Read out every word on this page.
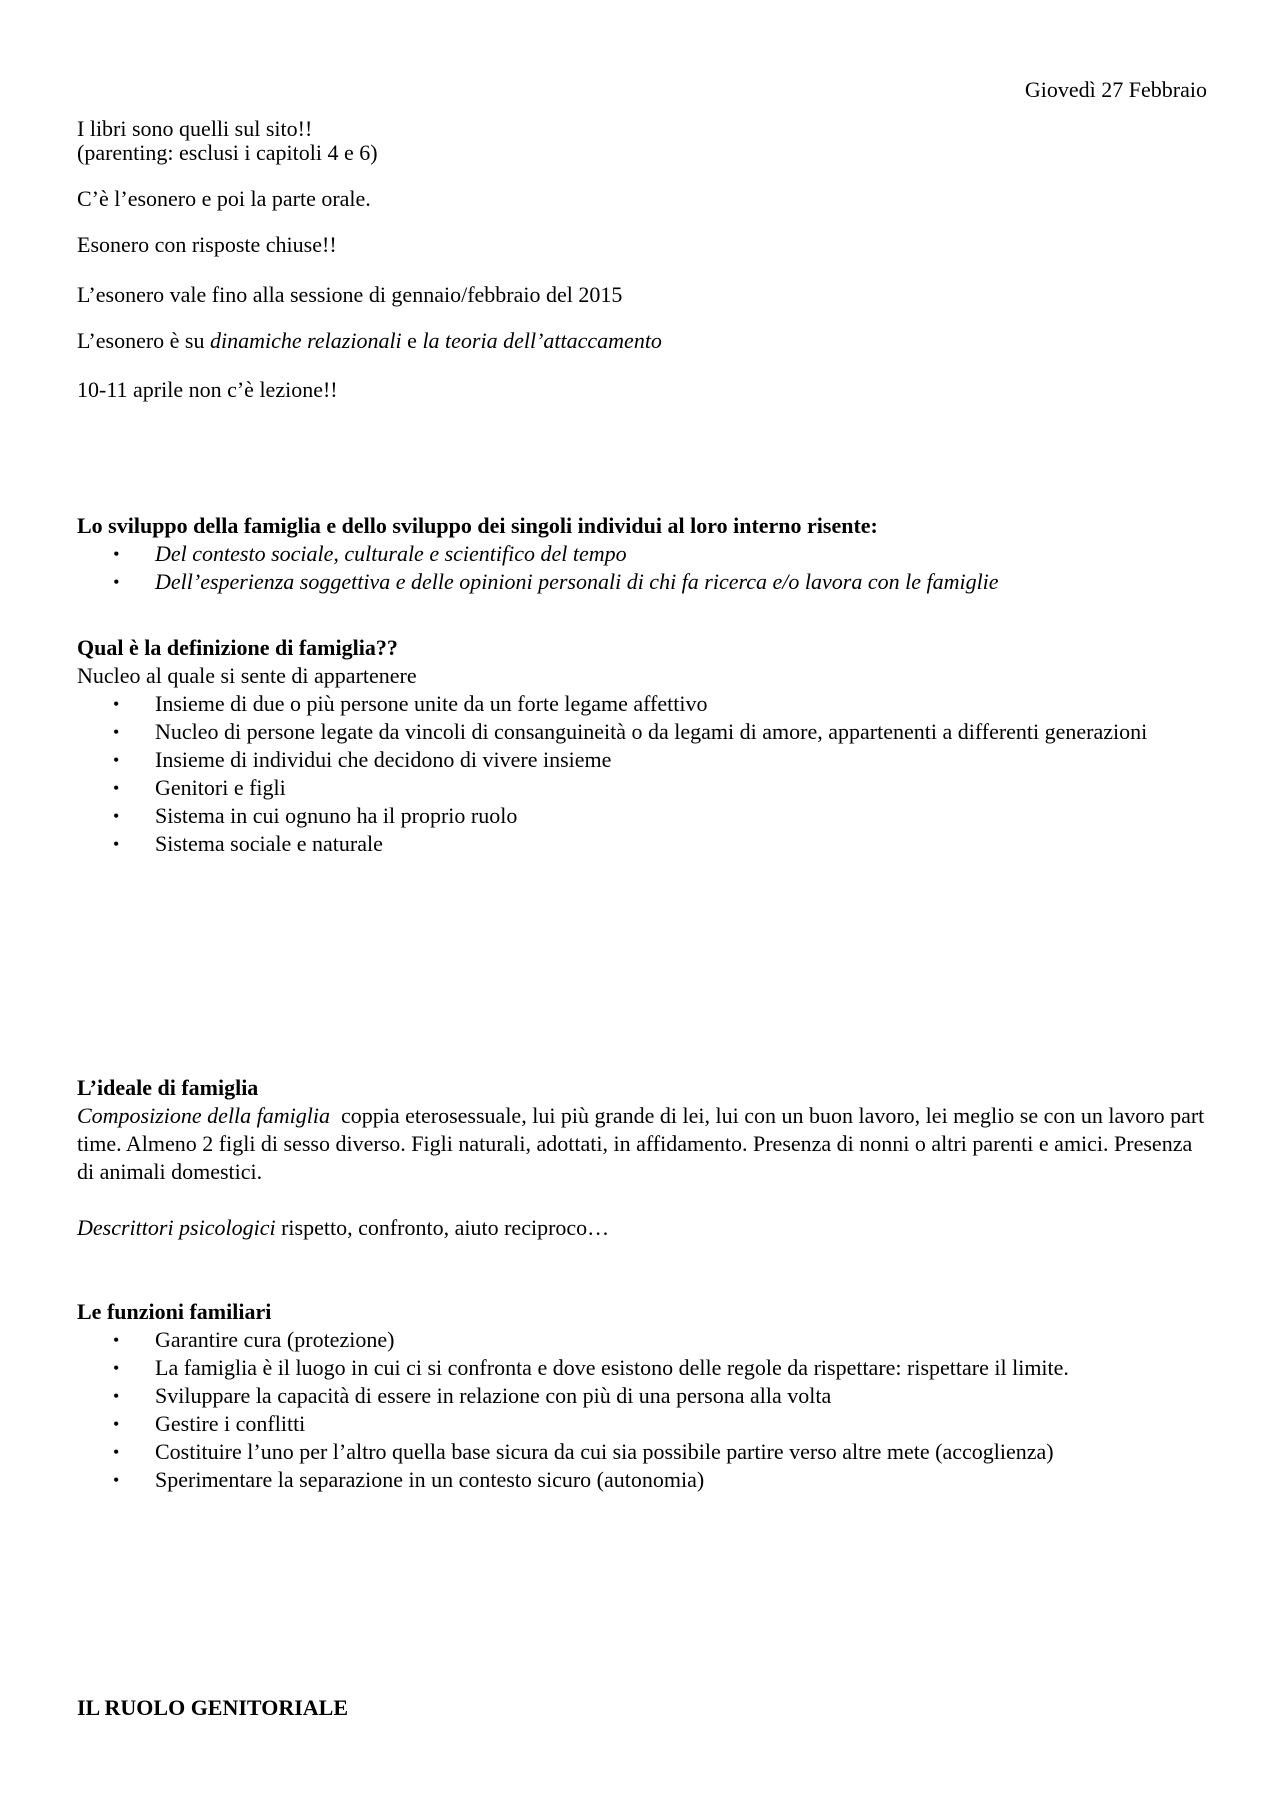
Giovedì 27 Febbraio

I libri sono quelli sul sito!!

(parenting: esclusi i capitoli 4 e 6)

C’è l’esonero e poi la parte orale.

Esonero con risposte chiuse!!

L’esonero vale fino alla sessione di gennaio/febbraio del 2015

L’esonero è su dinamiche relazionali e la teoria dell’attaccamento

10-11 aprile non c’è lezione!!

Lo sviluppo della famiglia e dello sviluppo dei singoli individui al loro interno risente:

• Del contesto sociale, culturale e scientifico del tempo
• Dell’esperienza soggettiva e delle opinioni personali di chi fa ricerca e/o lavora con le famiglie

Qual è la definizione di famiglia??

Nucleo al quale si sente di appartenere

• Insieme di due o più persone unite da un forte legame affettivo
• Nucleo di persone legate da vincoli di consanguineità o da legami di amore, appartenenti a differenti generazioni
• Insieme di individui che decidono di vivere insieme
• Genitori e figli
• Sistema in cui ognuno ha il proprio ruolo
• Sistema sociale e naturale

L’ideale di famiglia

Composizione della famiglia  coppia eterosessuale, lui più grande di lei, lui con un buon lavoro, lei meglio se con un lavoro part time. Almeno 2 figli di sesso diverso. Figli naturali, adottati, in affidamento. Presenza di nonni o altri parenti e amici. Presenza di animali domestici.

Descrittori psicologici rispetto, confronto, aiuto reciproco…

Le funzioni familiari

• Garantire cura (protezione)
• La famiglia è il luogo in cui ci si confronta e dove esistono delle regole da rispettare: rispettare il limite.
• Sviluppare la capacità di essere in relazione con più di una persona alla volta
• Gestire i conflitti
• Costituire l’uno per l’altro quella base sicura da cui sia possibile partire verso altre mete (accoglienza)
• Sperimentare la separazione in un contesto sicuro (autonomia)

IL RUOLO GENITORIALE
